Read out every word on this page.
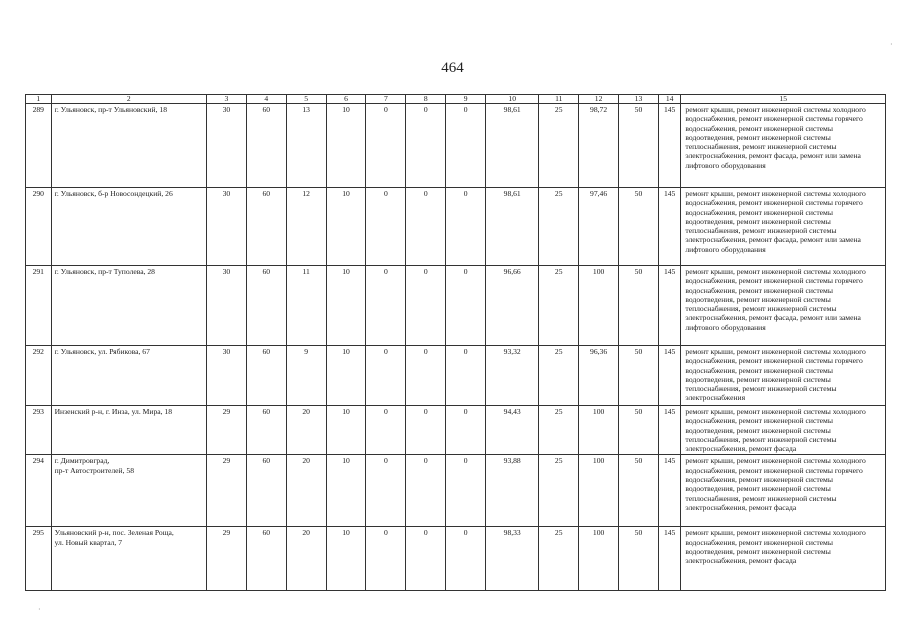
464
1	2	3	4	5	6	7	8	9	10	11	12	13	14	15
289	г. Ульяновск, пр-т Ульяновский, 18	30	60	13	10	0	0	0	98,61	25	98,72	50	145	ремонт крыши, ремонт инженерной системы холодного водоснабжения, ремонт инженерной системы горячего водоснабжения, ремонт инженерной системы водоотведения, ремонт инженерной системы теплоснабжения, ремонт инженерной системы электроснабжения, ремонт фасада, ремонт или замена лифтового оборудования
290	г. Ульяновск, б-р Новосондецкий, 26	30	60	12	10	0	0	0	98,61	25	97,46	50	145	ремонт крыши, ремонт инженерной системы холодного водоснабжения, ремонт инженерной системы горячего водоснабжения, ремонт инженерной системы водоотведения, ремонт инженерной системы теплоснабжения, ремонт инженерной системы электроснабжения, ремонт фасада, ремонт или замена лифтового оборудования
291	г. Ульяновск, пр-т Туполева, 28	30	60	11	10	0	0	0	96,66	25	100	50	145	ремонт крыши, ремонт инженерной системы холодного водоснабжения, ремонт инженерной системы горячего водоснабжения, ремонт инженерной системы водоотведения, ремонт инженерной системы теплоснабжения, ремонт инженерной системы электроснабжения, ремонт фасада, ремонт или замена лифтового оборудования
292	г. Ульяновск, ул. Рябикова, 67	30	60	9	10	0	0	0	93,32	25	96,36	50	145	ремонт крыши, ремонт инженерной системы холодного водоснабжения, ремонт инженерной системы горячего водоснабжения, ремонт инженерной системы водоотведения, ремонт инженерной системы теплоснабжения, ремонт инженерной системы электроснабжения
293	Инзенский р-н, г. Инза, ул. Мира, 18	29	60	20	10	0	0	0	94,43	25	100	50	145	ремонт крыши, ремонт инженерной системы холодного водоснабжения, ремонт инженерной системы водоотведения, ремонт инженерной системы теплоснабжения, ремонт инженерной системы электроснабжения, ремонт фасада
294	г. Димитровград,
пр-т Автостроителей, 58	29	60	20	10	0	0	0	93,88	25	100	50	145	ремонт крыши, ремонт инженерной системы холодного водоснабжения, ремонт инженерной системы горячего водоснабжения, ремонт инженерной системы водоотведения, ремонт инженерной системы теплоснабжения, ремонт инженерной системы электроснабжения, ремонт фасада
295	Ульяновский р-н, пос. Зеленая Роща,
ул. Новый квартал, 7	29	60	20	10	0	0	0	98,33	25	100	50	145	ремонт крыши, ремонт инженерной системы холодного водоснабжения, ремонт инженерной системы водоотведения, ремонт инженерной системы электроснабжения, ремонт фасада
·
·
